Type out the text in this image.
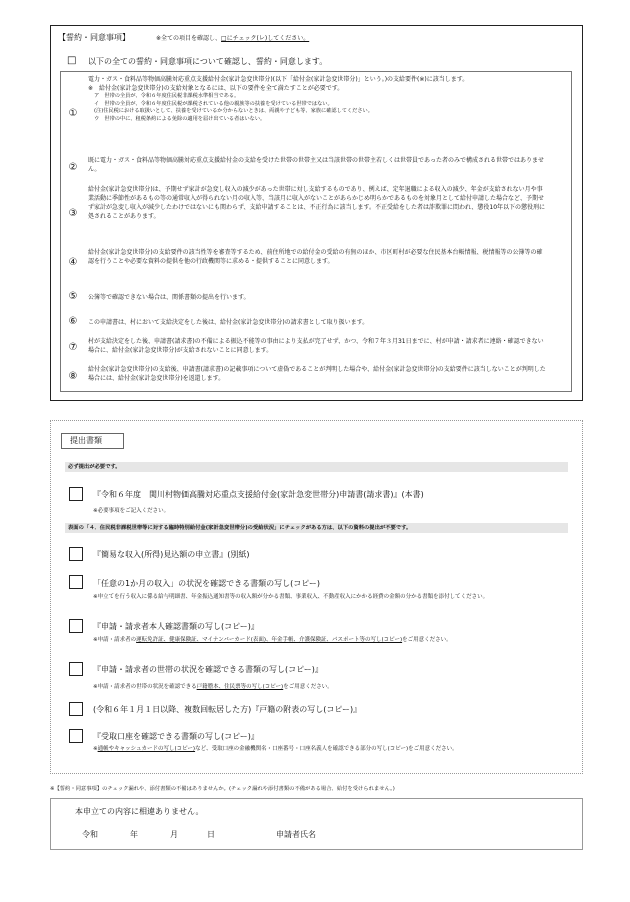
【誓約・同意事項】	※全ての項目を確認し、□にチェック(レ)してください。
□ 以下の全ての誓約・同意事項について確認し、誓約・同意します。
①
電力・ガス・食料品等物価高騰対応重点支援給付金(家計急変世帯分)(以下「給付金(家計急変世帯分)」という。)の支給要件(※)に該当します。
※　給付金(家計急変世帯分)の支給対象となるには、以下の要件を全て満たすことが必要です。
ア　世帯の全員が、令和６年度住民税非課税水準相当である。
イ　世帯の全員が、令和６年度住民税が課税されている他の親族等の扶養を受けている世帯ではない。
(注)住民税における取扱いとして、扶養を受けているか分からないときは、両親や子ども等、家族に確認してください。
ウ　世帯の中に、租税条約による免除の適用を届け出ている者はいない。
②
既に電力・ガス・食料品等物価高騰対応重点支援給付金の支給を受けた世帯の世帯主又は当該世帯の世帯主若しくは世帯員であった者のみで構成される世帯ではありません。
③
給付金(家計急変世帯分)は、予期せず家計が急変し収入の減少があった世帯に対し支給するものであり、例えば、定年退職による収入の減少、年金が支給されない月や事業活動に季節性があるもの等の通常収入が得られない月の収入等、当該月に収入がないことがあらかじめ明らかであるものを対象月として給付申請した場合など、予期せず家計が急変し収入が減少したわけではないにも関わらず、支給申請することは、不正行為に該当します。不正受給をした者は詐欺罪に問われ、懲役10年以下の懲役刑に処されることがあります。
④
給付金(家計急変世帯分)の支給要件の該当性等を審査等するため、前住所地での給付金の受給の有無のほか、市区町村が必要な住民基本台帳情報、税情報等の公簿等の確認を行うことや必要な資料の提供を他の行政機関等に求める・提供することに同意します。
⑤	公簿等で確認できない場合は、関係書類の提出を行います。
⑥	この申請書は、村において支給決定をした後は、給付金(家計急変世帯分)の請求書として取り扱います。
⑦
村が支給決定をした後、申請書(請求書)の不備による振込不能等の事由により支払が完了せず、かつ、令和７年３月31日までに、村が申請・請求者に連絡・確認できない場合に、給付金(家計急変世帯分)が支給されないことに同意します。
⑧
給付金(家計急変世帯分)の支給後、申請書(請求書)の記載事項について虚偽であることが判明した場合や、給付金(家計急変世帯分)の支給要件に該当しないことが判明した場合には、給付金(家計急変世帯分)を返還します。
提出書類
必ず提出が必要です。
『令和６年度　関川村物価高騰対応重点支援給付金(家計急変世帯分)申請書(請求書)』(本書)
※必要事項をご記入ください。
表面の「４．住民税非課税世帯等に対する臨時特別給付金(家計急変世帯分)の受給状況」にチェックがある方は、以下の資料の提出が不要です。
『簡易な収入(所得)見込額の申立書』(別紙)
「任意の1か月の収入」の状況を確認できる書類の写し(コピー)
※申立てを行う収入に係る給与明細書、年金振込通知書等の収入額が分かる書類、事業収入、不動産収入にかかる経費の金額の分かる書類を添付してください。
『申請・請求者本人確認書類の写し(コピー)』
※申請・請求者の運転免許証、健康保険証、マイナンバーカード(表面)、年金手帳、介護保険証、パスポート等の写し(コピー)をご用意ください。
『申請・請求者の世帯の状況を確認できる書類の写し(コピー)』
※申請・請求者の世帯の状況を確認できる戸籍謄本、住民票等の写し(コピー)をご用意ください。
(令和６年１月１日以降、複数回転居した方)『戸籍の附表の写し(コピー)』
『受取口座を確認できる書類の写し(コピー)』
※通帳やキャッシュカードの写し(コピー)など、受取口座の金融機関名・口座番号・口座名義人を確認できる部分の写し(コピー)をご用意ください。
※【誓約・同意事項】のチェック漏れや、添付書類の不備はありませんか。(チェック漏れや添付書類の不備がある場合、給付を受けられません。)
本申立ての内容に相違ありません。
令和	年	月	日	申請者氏名
